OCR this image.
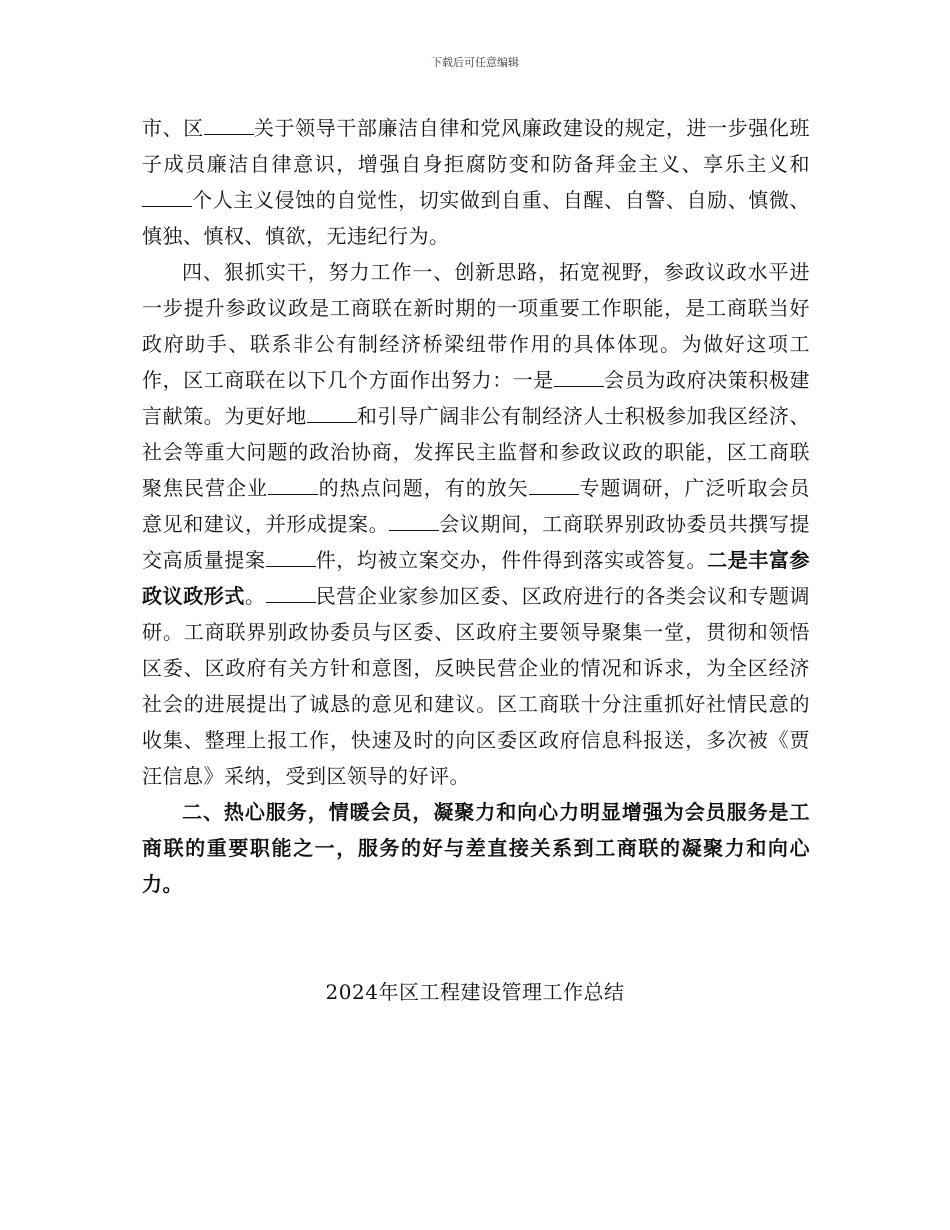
下载后可任意编辑

市、区	关于领导干部廉洁自律和党风廉政建设的规定，进一步强化班子成员廉洁自律意识，增强自身拒腐防变和防备拜金主义、享乐主义和个人主义侵蚀的自觉性，切实做到自重、自醒、自警、自励、慎微、慎独、慎权、慎欲，无违纪行为。

四、狠抓实干，努力工作一、创新思路，拓宽视野，参政议政水平进一步提升参政议政是工商联在新时期的一项重要工作职能，是工商联当好政府助手、联系非公有制经济桥梁纽带作用的具体体现。为做好这项工作，区工商联在以下几个方面作出努力：一是	会员为政府决策积极建言献策。为更好地	和引导广阔非公有制经济人士积极参加我区经济、社会等重大问题的政治协商，发挥民主监督和参政议政的职能，区工商联聚焦民营企业	的热点问题，有的放矢	专题调研，广泛听取会员意见和建议，并形成提案。	会议期间，工商联界别政协委员共撰写提交高质量提案	件，均被立案交办，件件得到落实或答复。二是丰富参政议政形式。	民营企业家参加区委、区政府进行的各类会议和专题调研。工商联界别政协委员与区委、区政府主要领导聚集一堂，贯彻和领悟区委、区政府有关方针和意图，反映民营企业的情况和诉求，为全区经济社会的进展提出了诚恳的意见和建议。区工商联十分注重抓好社情民意的收集、整理上报工作，快速及时的向区委区政府信息科报送，多次被《贾汪信息》采纳，受到区领导的好评。

二、热心服务，情暖会员，凝聚力和向心力明显增强为会员服务是工商联的重要职能之一，服务的好与差直接关系到工商联的凝聚力和向心力。

2024年区工程建设管理工作总结
